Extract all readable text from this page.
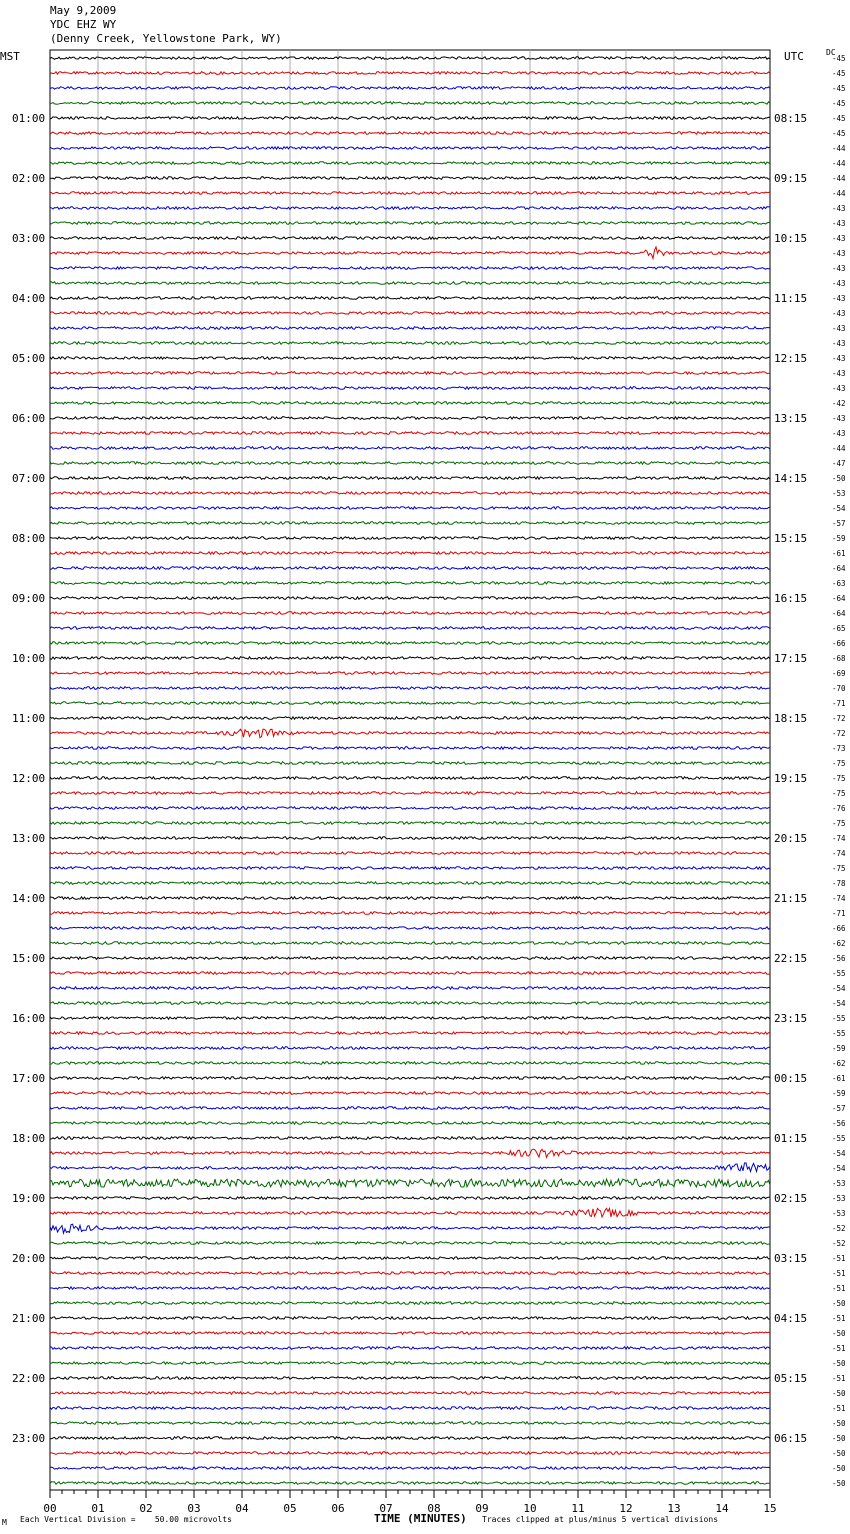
-45
-45
-45
-45
-45
-45
-44
-44
-44
-44
-43
-43
-43
-43
-43
-43
-43
-43
-43
-43
-43
-43
-43
-42
-43
-43
-44
-47
-50
-53
-54
-57
-59
-61
-64
-63
-64
-64
-65
-66
-68
-69
-70
-71
-72
-72
-73
-75
-75
-75
-76
-75
-74
-74
-75
-78
-74
-71
-66
-62
-56
-55
-54
-54
-55
-55
-59
-62
-61
-59
-57
-56
-55
-54
-54
-53
-53
-53
-52
-52
-51
-51
-51
-50
-51
-50
-51
-50
-51
-50
-51
-50
-50
-50
-50
-50
01:00
02:00
03:00
04:00
05:00
06:00
07:00
08:00
09:00
10:00
11:00
12:00
13:00
14:00
15:00
16:00
17:00
18:00
19:00
20:00
21:00
22:00
23:00
08:15
09:15
10:15
11:15
12:15
13:15
14:15
15:15
16:15
17:15
18:15
19:15
20:15
21:15
22:15
23:15
00:15
01:15
02:15
03:15
04:15
05:15
06:15
00	01	02	03	04	05	06	07	08	09	10	11	12	13	14	15
May 9,2009
YDC EHZ WY
(Denny Creek, Yellowstone Park, WY)
MST	UTC	DC
M Each Vertical Division =    50.00 microvolts	TIME (MINUTES) Traces clipped at plus/minus 5 vertical divisions
